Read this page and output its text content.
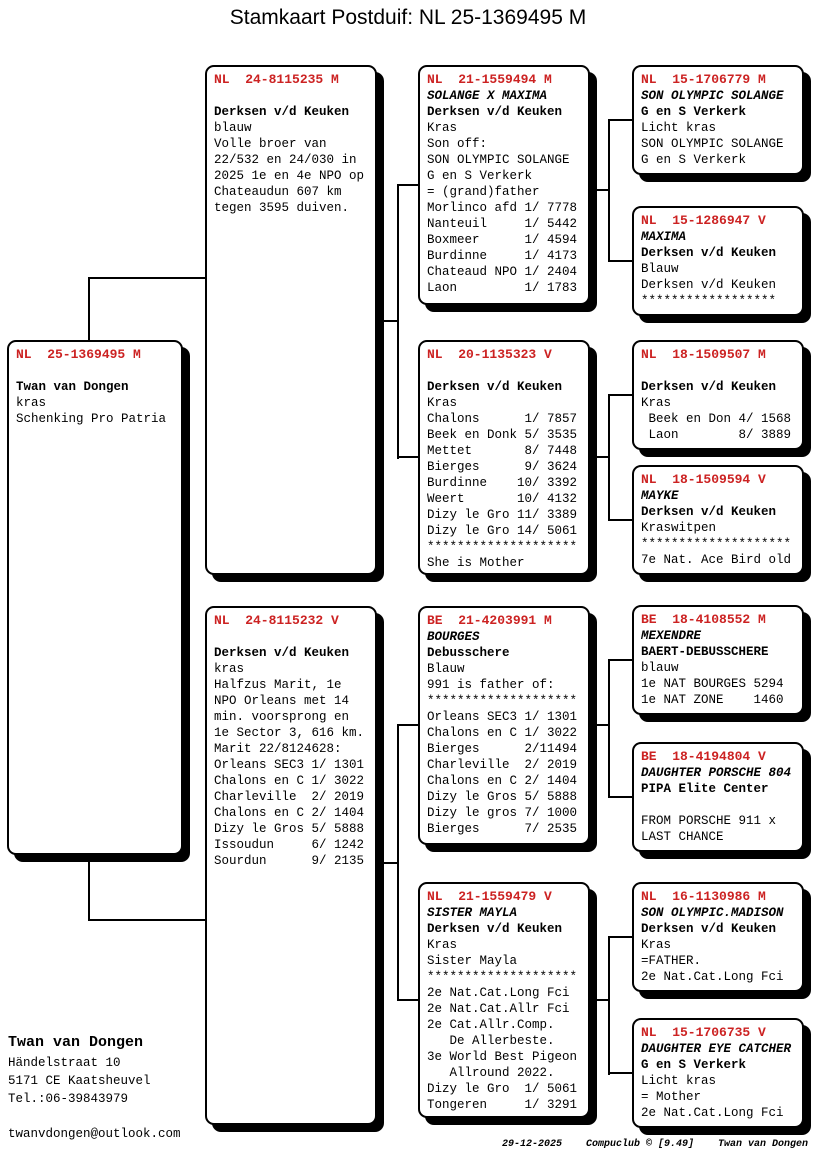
Stamkaart Postduif: NL 25-1369495 M
NL  25-1369495 M
Twan van Dongen
kras
Schenking Pro Patria
NL  24-8115235 M
Derksen v/d Keuken
blauw
Volle broer van
22/532 en 24/030 in
2025 1e en 4e NPO op
Chateaudun 607 km
tegen 3595 duiven.
NL  24-8115232 V
Derksen v/d Keuken
kras
Halfzus Marit, 1e
NPO Orleans met 14
min. voorsprong en
1e Sector 3, 616 km.
Marit 22/8124628:
Orleans SEC3 1/ 1301
Chalons en C 1/ 3022
Charleville  2/ 2019
Chalons en C 2/ 1404
Dizy le Gros 5/ 5888
Issoudun     6/ 1242
Sourdun      9/ 2135
NL  21-1559494 M
SOLANGE X MAXIMA
Derksen v/d Keuken
Kras
Son off:
SON OLYMPIC SOLANGE
G en S Verkerk
= (grand)father
Morlinco afd 1/ 7778
Nanteuil     1/ 5442
Boxmeer      1/ 4594
Burdinne     1/ 4173
Chateaud NPO 1/ 2404
Laon         1/ 1783
NL  20-1135323 V
Derksen v/d Keuken
Kras
Chalons      1/ 7857
Beek en Donk 5/ 3535
Mettet       8/ 7448
Bierges      9/ 3624
Burdinne    10/ 3392
Weert       10/ 4132
Dizy le Gro 11/ 3389
Dizy le Gro 14/ 5061
********************
She is Mother
BE  21-4203991 M
BOURGES
Debusschere
Blauw
991 is father of:
********************
Orleans SEC3 1/ 1301
Chalons en C 1/ 3022
Bierges      2/11494
Charleville  2/ 2019
Chalons en C 2/ 1404
Dizy le Gros 5/ 5888
Dizy le gros 7/ 1000
Bierges      7/ 2535
NL  21-1559479 V
SISTER MAYLA
Derksen v/d Keuken
Kras
Sister Mayla
********************
2e Nat.Cat.Long Fci
2e Nat.Cat.Allr Fci
2e Cat.Allr.Comp.
De Allerbeste.
3e World Best Pigeon
Allround 2022.
Dizy le Gro  1/ 5061
Tongeren     1/ 3291
NL  15-1706779 M
SON OLYMPIC SOLANGE
G en S Verkerk
Licht kras
SON OLYMPIC SOLANGE
G en S Verkerk
NL  15-1286947 V
MAXIMA
Derksen v/d Keuken
Blauw
Derksen v/d Keuken
******************
NL  18-1509507 M
Derksen v/d Keuken
Kras
Beek en Don 4/ 1568
Laon        8/ 3889
NL  18-1509594 V
MAYKE
Derksen v/d Keuken
Kraswitpen
********************
7e Nat. Ace Bird old
BE  18-4108552 M
MEXENDRE
BAERT-DEBUSSCHERE
blauw
1e NAT BOURGES 5294
1e NAT ZONE    1460
BE  18-4194804 V
DAUGHTER PORSCHE 804
PIPA Elite Center
FROM PORSCHE 911 x
LAST CHANCE
NL  16-1130986 M
SON OLYMPIC.MADISON
Derksen v/d Keuken
Kras
=FATHER.
2e Nat.Cat.Long Fci
NL  15-1706735 V
DAUGHTER EYE CATCHER
G en S Verkerk
Licht kras
= Mother
2e Nat.Cat.Long Fci
Twan van Dongen
Händelstraat 10
5171 CE Kaatsheuvel
Tel.:06-39843979
twanvdongen@outlook.com
29-12-2025 Compuclub © [9.49] Twan van Dongen
